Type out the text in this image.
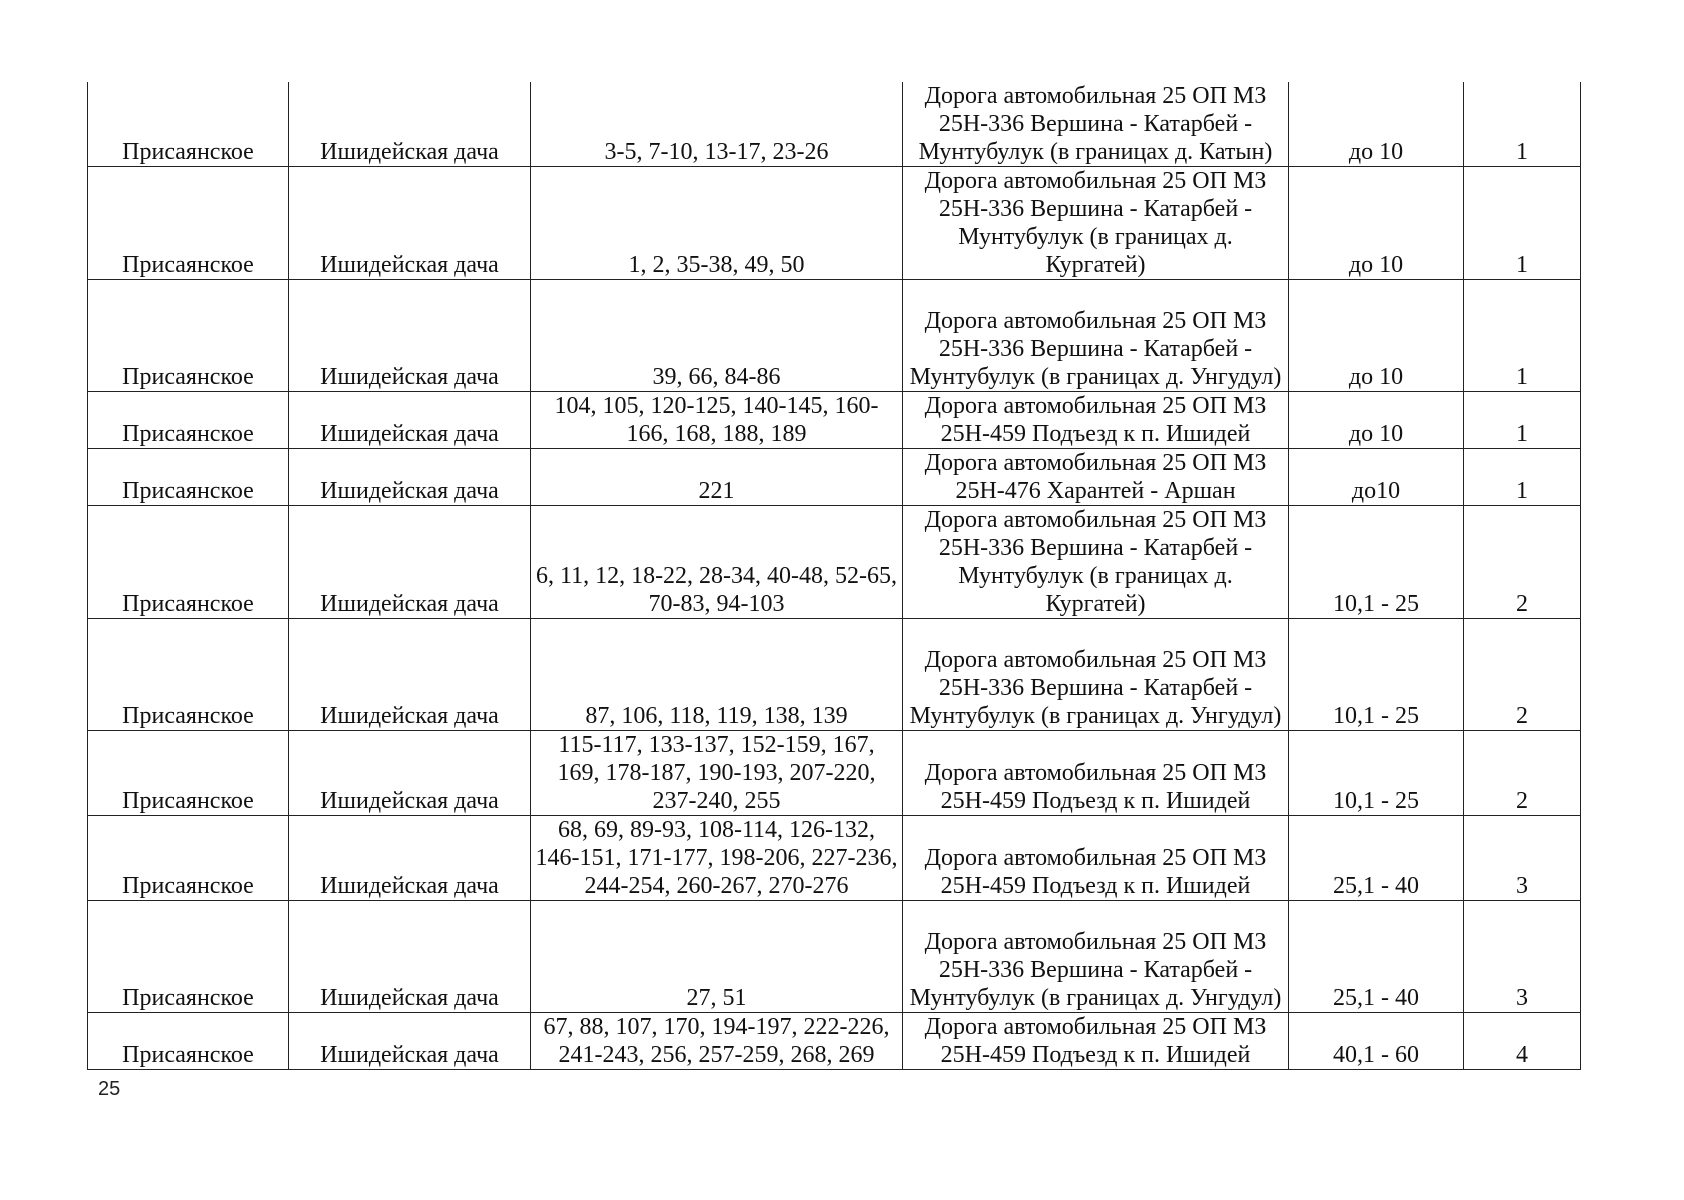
Присаянское	Ишидейская дача	3-5, 7-10, 13-17, 23-26	Дорога автомобильная 25 ОП МЗ 25Н-336 Вершина - Катарбей - Мунтубулук (в границах д. Катын)	до 10	1
Присаянское	Ишидейская дача	1, 2, 35-38, 49, 50	Дорога автомобильная 25 ОП МЗ 25Н-336 Вершина - Катарбей - Мунтубулук (в границах д. Кургатей)	до 10	1
Присаянское	Ишидейская дача	39, 66, 84-86	Дорога автомобильная 25 ОП МЗ 25Н-336 Вершина - Катарбей - Мунтубулук (в границах д. Унгудул)	до 10	1
Присаянское	Ишидейская дача	104, 105, 120-125, 140-145, 160-166, 168, 188, 189	Дорога автомобильная 25 ОП МЗ 25Н-459 Подъезд к п. Ишидей	до 10	1
Присаянское	Ишидейская дача	221	Дорога автомобильная 25 ОП МЗ 25Н-476 Харантей - Аршан	до10	1
Присаянское	Ишидейская дача	6, 11, 12, 18-22, 28-34, 40-48, 52-65, 70-83, 94-103	Дорога автомобильная 25 ОП МЗ 25Н-336 Вершина - Катарбей - Мунтубулук (в границах д. Кургатей)	10,1 - 25	2
Присаянское	Ишидейская дача	87, 106, 118, 119, 138, 139	Дорога автомобильная 25 ОП МЗ 25Н-336 Вершина - Катарбей - Мунтубулук (в границах д. Унгудул)	10,1 - 25	2
Присаянское	Ишидейская дача	115-117, 133-137, 152-159, 167, 169, 178-187, 190-193, 207-220, 237-240, 255	Дорога автомобильная 25 ОП МЗ 25Н-459 Подъезд к п. Ишидей	10,1 - 25	2
Присаянское	Ишидейская дача	68, 69, 89-93, 108-114, 126-132, 146-151, 171-177, 198-206, 227-236, 244-254, 260-267, 270-276	Дорога автомобильная 25 ОП МЗ 25Н-459 Подъезд к п. Ишидей	25,1 - 40	3
Присаянское	Ишидейская дача	27, 51	Дорога автомобильная 25 ОП МЗ 25Н-336 Вершина - Катарбей - Мунтубулук (в границах д. Унгудул)	25,1 - 40	3
Присаянское	Ишидейская дача	67, 88, 107, 170, 194-197, 222-226, 241-243, 256, 257-259, 268, 269	Дорога автомобильная 25 ОП МЗ 25Н-459 Подъезд к п. Ишидей	40,1 - 60	4
25
